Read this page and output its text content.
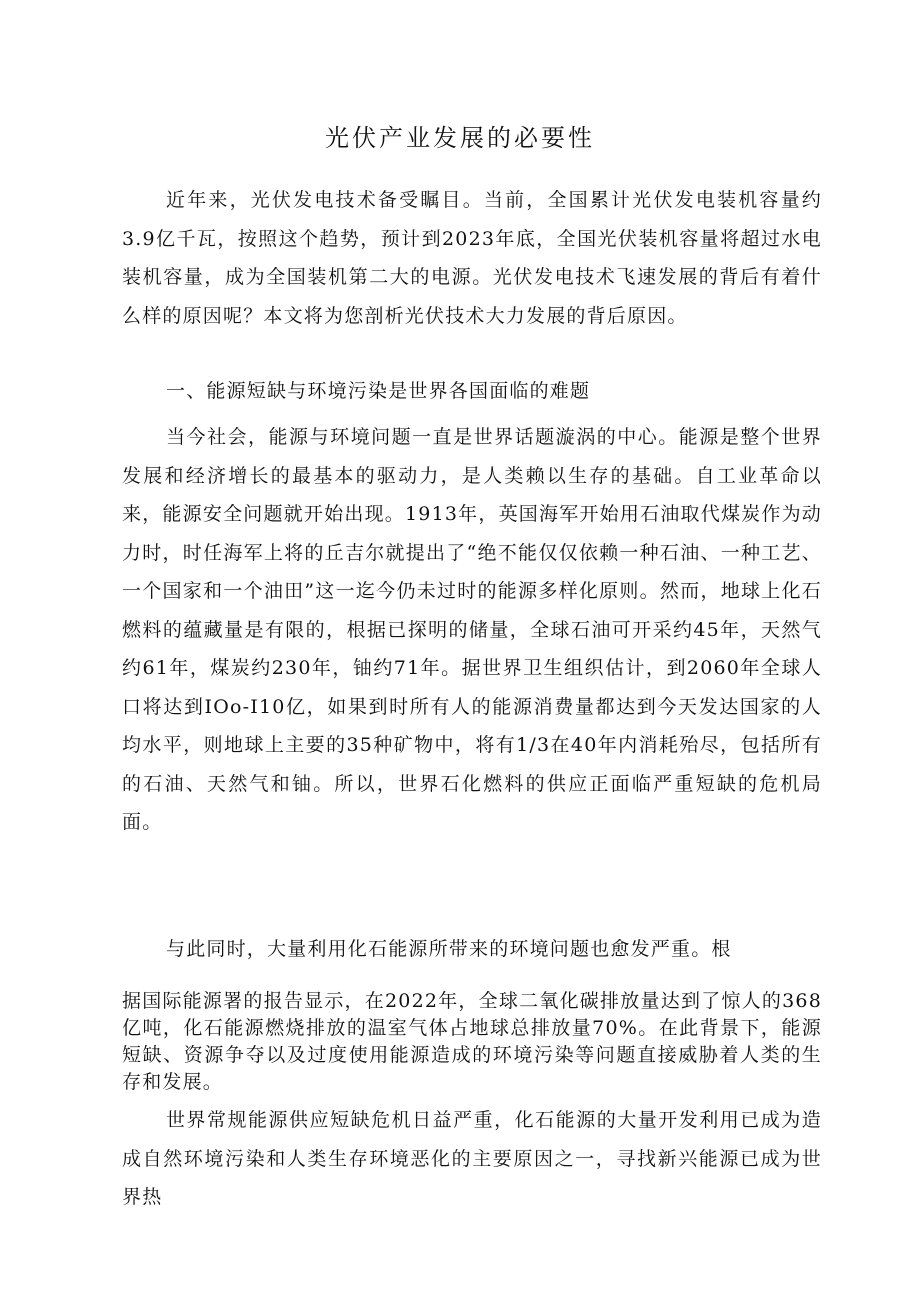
光伏产业发展的必要性

近年来，光伏发电技术备受瞩目。当前，全国累计光伏发电装机容量约3.9亿千瓦，按照这个趋势，预计到2023年底，全国光伏装机容量将超过水电装机容量，成为全国装机第二大的电源。光伏发电技术飞速发展的背后有着什么样的原因呢？本文将为您剖析光伏技术大力发展的背后原因。

一、能源短缺与环境污染是世界各国面临的难题

当今社会，能源与环境问题一直是世界话题漩涡的中心。能源是整个世界发展和经济增长的最基本的驱动力，是人类赖以生存的基础。自工业革命以来，能源安全问题就开始出现。1913年，英国海军开始用石油取代煤炭作为动力时，时任海军上将的丘吉尔就提出了“绝不能仅仅依赖一种石油、一种工艺、一个国家和一个油田”这一迄今仍未过时的能源多样化原则。然而，地球上化石燃料的蕴藏量是有限的，根据已探明的储量，全球石油可开采约45年，天然气约61年，煤炭约230年，铀约71年。据世界卫生组织估计，到2060年全球人口将达到IOo-I10亿，如果到时所有人的能源消费量都达到今天发达国家的人均水平，则地球上主要的35种矿物中，将有1/3在40年内消耗殆尽，包括所有的石油、天然气和铀。所以，世界石化燃料的供应正面临严重短缺的危机局面。

与此同时，大量利用化石能源所带来的环境问题也愈发严重。根

据国际能源署的报告显示，在2022年，全球二氧化碳排放量达到了惊人的368亿吨，化石能源燃烧排放的温室气体占地球总排放量70%。在此背景下，能源短缺、资源争夺以及过度使用能源造成的环境污染等问题直接威胁着人类的生存和发展。

世界常规能源供应短缺危机日益严重，化石能源的大量开发利用已成为造成自然环境污染和人类生存环境恶化的主要原因之一，寻找新兴能源已成为世界热
